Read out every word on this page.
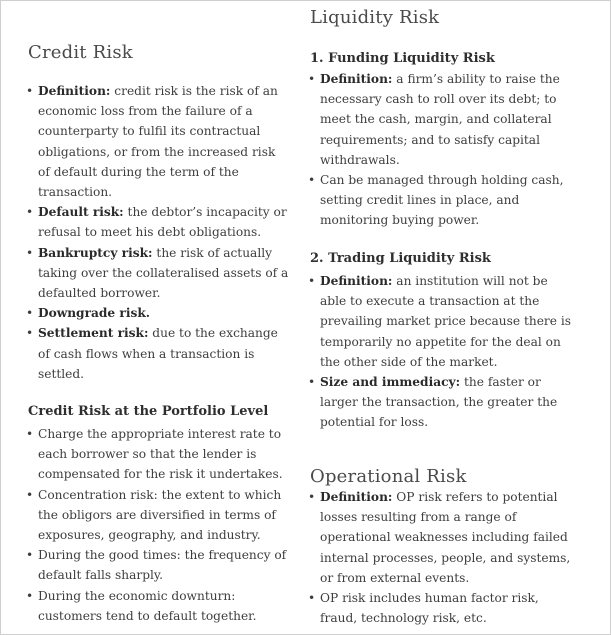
Credit Risk
• Definition: credit risk is the risk of an economic loss from the failure of a counterparty to fulfil its contractual obligations, or from the increased risk of default during the term of the transaction.
• Default risk: the debtor’s incapacity or refusal to meet his debt obligations.
• Bankruptcy risk: the risk of actually taking over the collateralised assets of a defaulted borrower.
• Downgrade risk.
• Settlement risk: due to the exchange of cash flows when a transaction is settled.
Credit Risk at the Portfolio Level
• Charge the appropriate interest rate to each borrower so that the lender is compensated for the risk it undertakes.
• Concentration risk: the extent to which the obligors are diversified in terms of exposures, geography, and industry.
• During the good times: the frequency of default falls sharply.
• During the economic downturn: customers tend to default together.
Liquidity Risk
1. Funding Liquidity Risk
• Definition: a firm’s ability to raise the necessary cash to roll over its debt; to meet the cash, margin, and collateral requirements; and to satisfy capital withdrawals.
• Can be managed through holding cash, setting credit lines in place, and monitoring buying power.
2. Trading Liquidity Risk
• Definition: an institution will not be able to execute a transaction at the prevailing market price because there is temporarily no appetite for the deal on the other side of the market.
• Size and immediacy: the faster or larger the transaction, the greater the potential for loss.
Operational Risk
• Definition: OP risk refers to potential losses resulting from a range of operational weaknesses including failed internal processes, people, and systems, or from external events.
• OP risk includes human factor risk, fraud, technology risk, etc.
